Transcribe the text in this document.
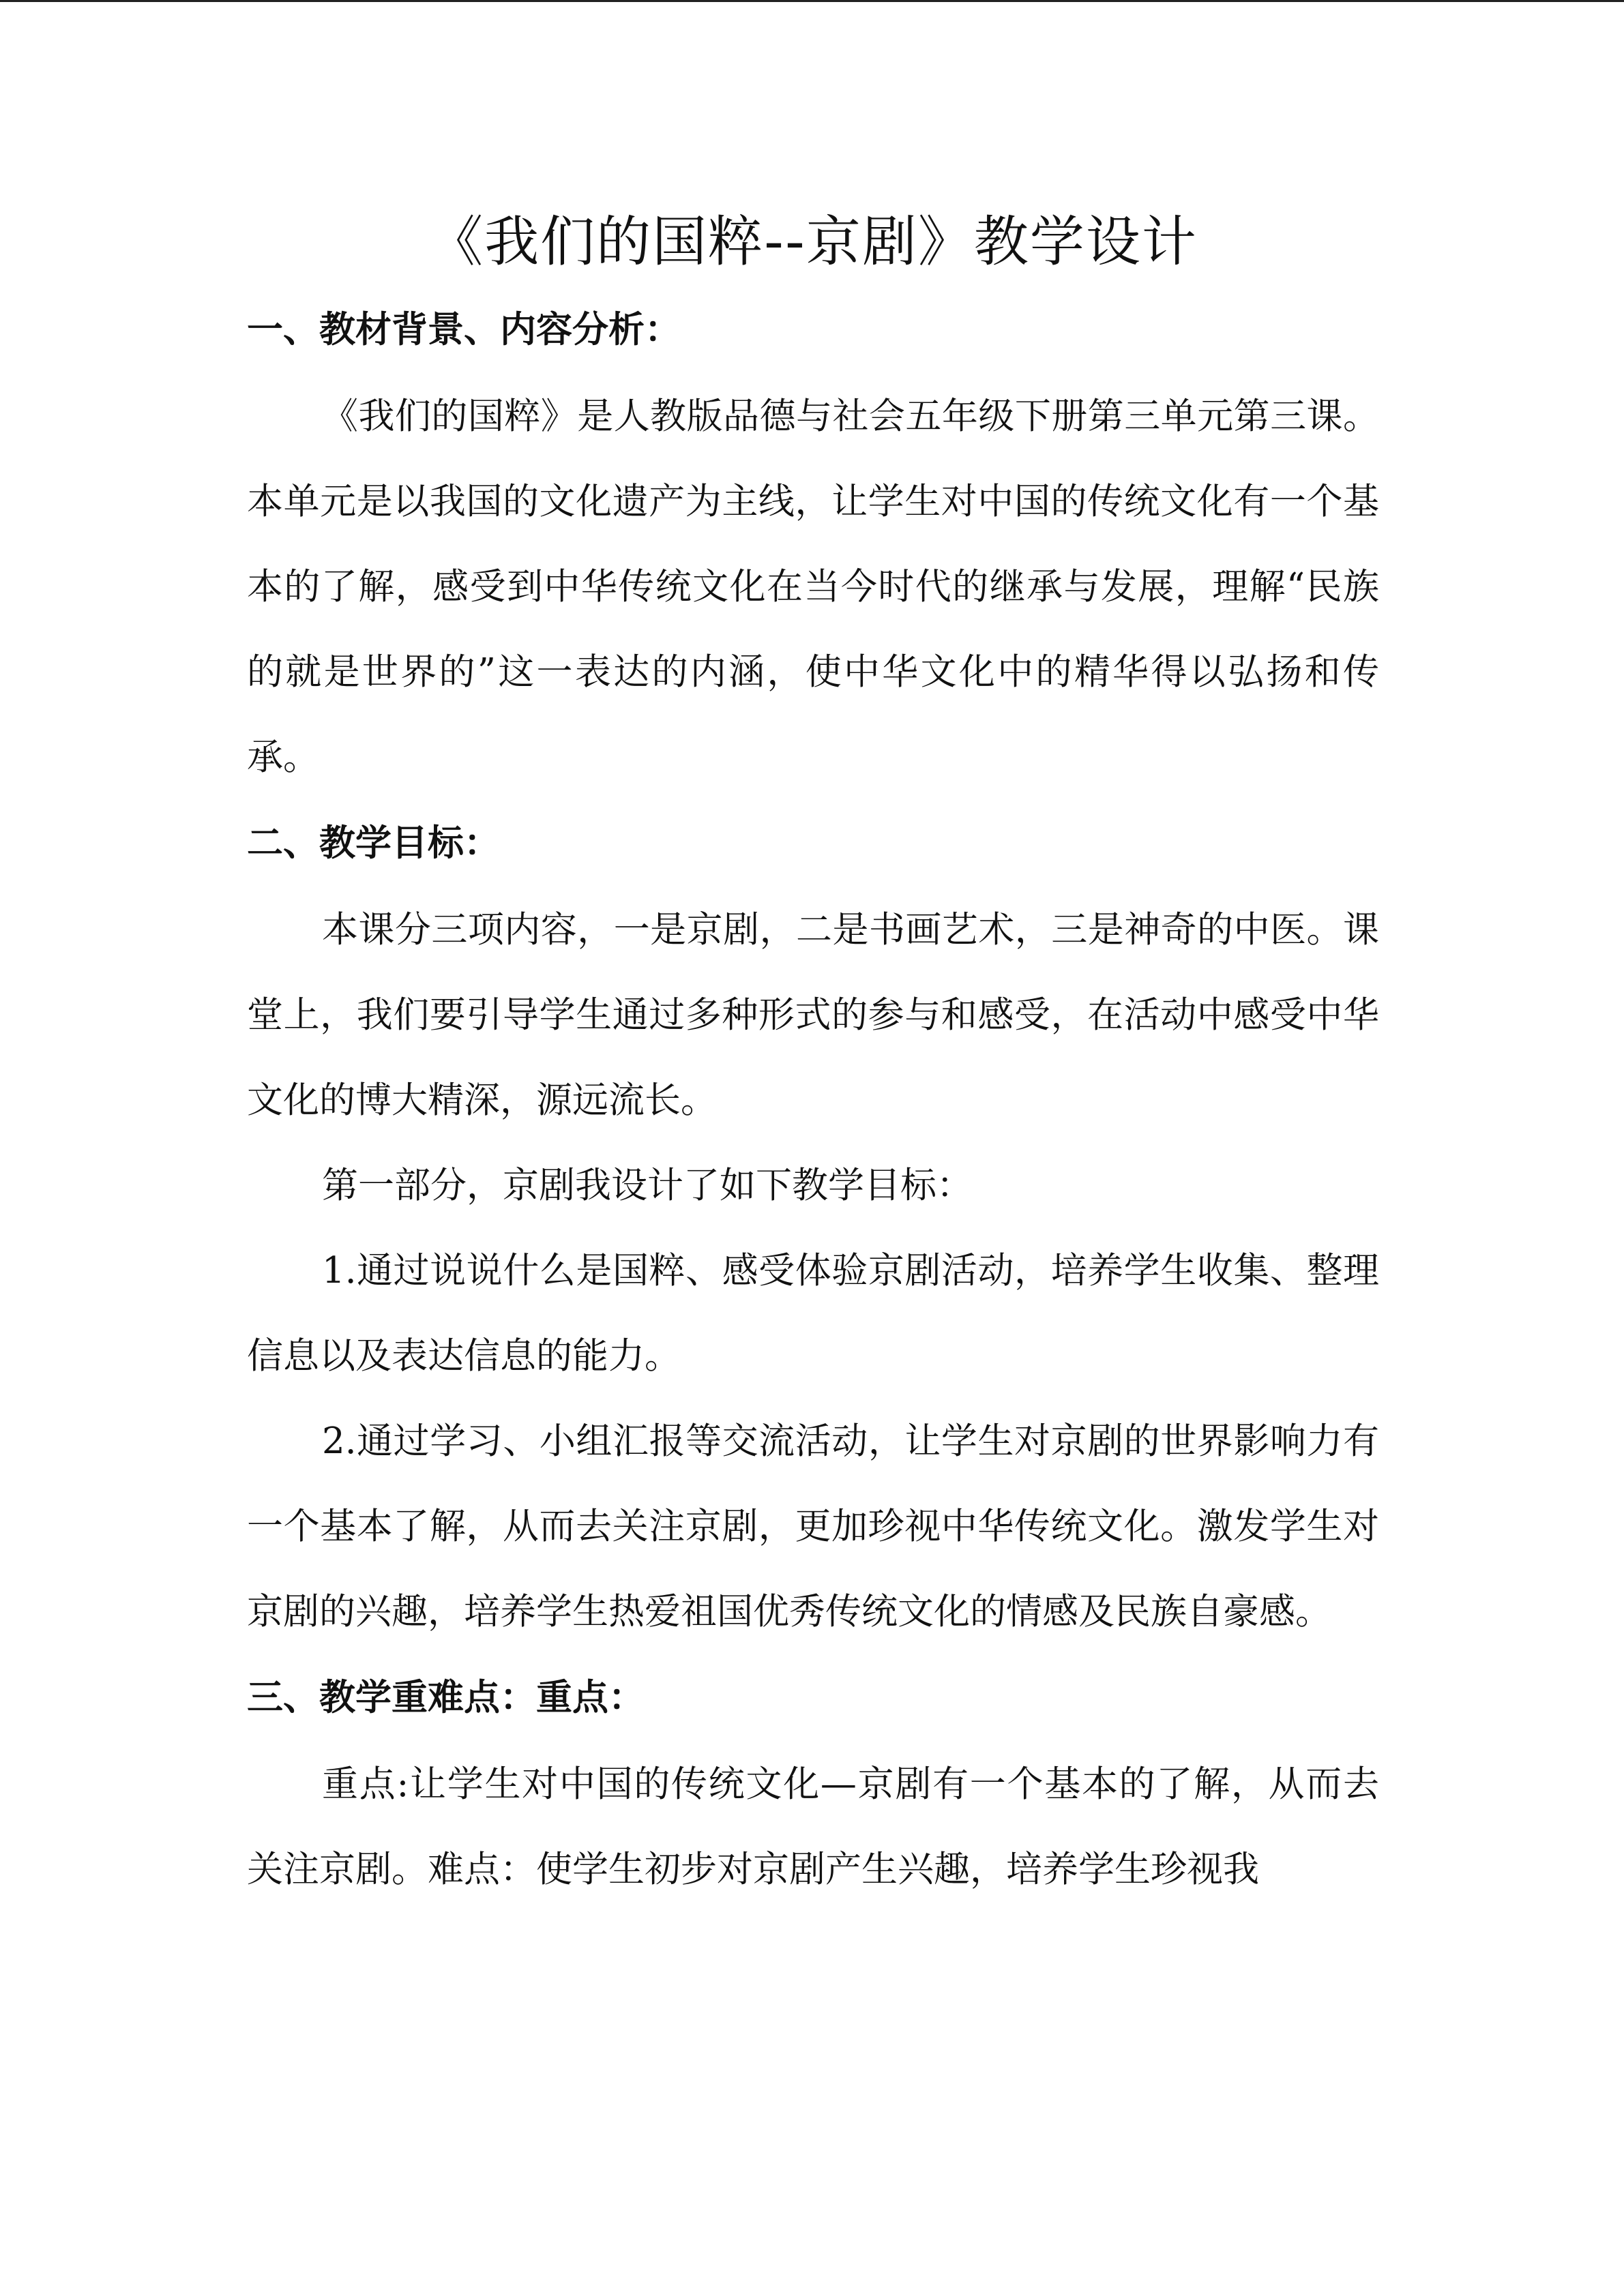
《我们的国粹--京剧》教学设计
一、教材背景、内容分析：

《我们的国粹》是人教版品德与社会五年级下册第三单元第三课。本单元是以我国的文化遗产为主线，让学生对中国的传统文化有一个基本的了解，感受到中华传统文化在当今时代的继承与发展，理解“民族的就是世界的”这一表达的内涵，使中华文化中的精华得以弘扬和传承。

二、教学目标：

本课分三项内容，一是京剧，二是书画艺术，三是神奇的中医。课堂上，我们要引导学生通过多种形式的参与和感受，在活动中感受中华文化的博大精深，源远流长。

第一部分，京剧我设计了如下教学目标：

1.通过说说什么是国粹、感受体验京剧活动，培养学生收集、整理信息以及表达信息的能力。

2.通过学习、小组汇报等交流活动，让学生对京剧的世界影响力有一个基本了解，从而去关注京剧，更加珍视中华传统文化。激发学生对京剧的兴趣，培养学生热爱祖国优秀传统文化的情感及民族自豪感。

三、教学重难点：重点：

重点:让学生对中国的传统文化—京剧有一个基本的了解，从而去关注京剧。难点：使学生初步对京剧产生兴趣，培养学生珍视我
